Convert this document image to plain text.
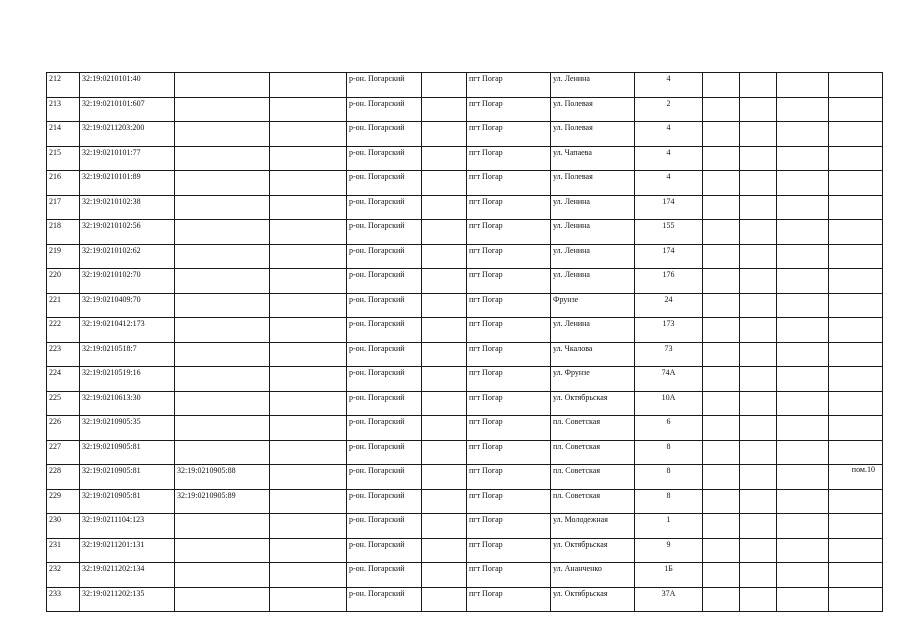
212	32:19:0210101:40			р-он. Погарский		пгт Погар	ул. Ленина	4				
213	32:19:0210101:607			р-он. Погарский		пгт Погар	ул. Полевая	2				
214	32:19:0211203:200			р-он. Погарский		пгт Погар	ул. Полевая	4				
215	32:19:0210101:77			р-он. Погарский		пгт Погар	ул. Чапаева	4				
216	32:19:0210101:89			р-он. Погарский		пгт Погар	ул. Полевая	4				
217	32:19:0210102:38			р-он. Погарский		пгт Погар	ул. Ленина	174				
218	32:19:0210102:56			р-он. Погарский		пгт Погар	ул. Ленина	155				
219	32:19:0210102:62			р-он. Погарский		пгт Погар	ул. Ленина	174				
220	32:19:0210102:70			р-он. Погарский		пгт Погар	ул. Ленина	176				
221	32:19:0210409:70			р-он. Погарский		пгт Погар	Фрунзе	24				
222	32:19:0210412:173			р-он. Погарский		пгт Погар	ул. Ленина	173				
223	32:19:0210518:7			р-он. Погарский		пгт Погар	ул. Чкалова	73				
224	32:19:0210519:16			р-он. Погарский		пгт Погар	ул. Фрунзе	74А				
225	32:19:0210613:30			р-он. Погарский		пгт Погар	ул. Октябрьская	10А				
226	32:19:0210905:35			р-он. Погарский		пгт Погар	пл. Советская	6				
227	32:19:0210905:81			р-он. Погарский		пгт Погар	пл. Советская	8				
228	32:19:0210905:81	32:19:0210905:88		р-он. Погарский		пгт Погар	пл. Советская	8				пом.10
229	32:19:0210905:81	32:19:0210905:89		р-он. Погарский		пгт Погар	пл. Советская	8				
230	32:19:0211104:123			р-он. Погарский		пгт Погар	ул. Молодежная	1				
231	32:19:0211201:131			р-он. Погарский		пгт Погар	ул. Октябрьская	9				
232	32:19:0211202:134			р-он. Погарский		пгт Погар	ул. Ананченко	1Б				
233	32:19:0211202:135			р-он. Погарский		пгт Погар	ул. Октябрьская	37А				
